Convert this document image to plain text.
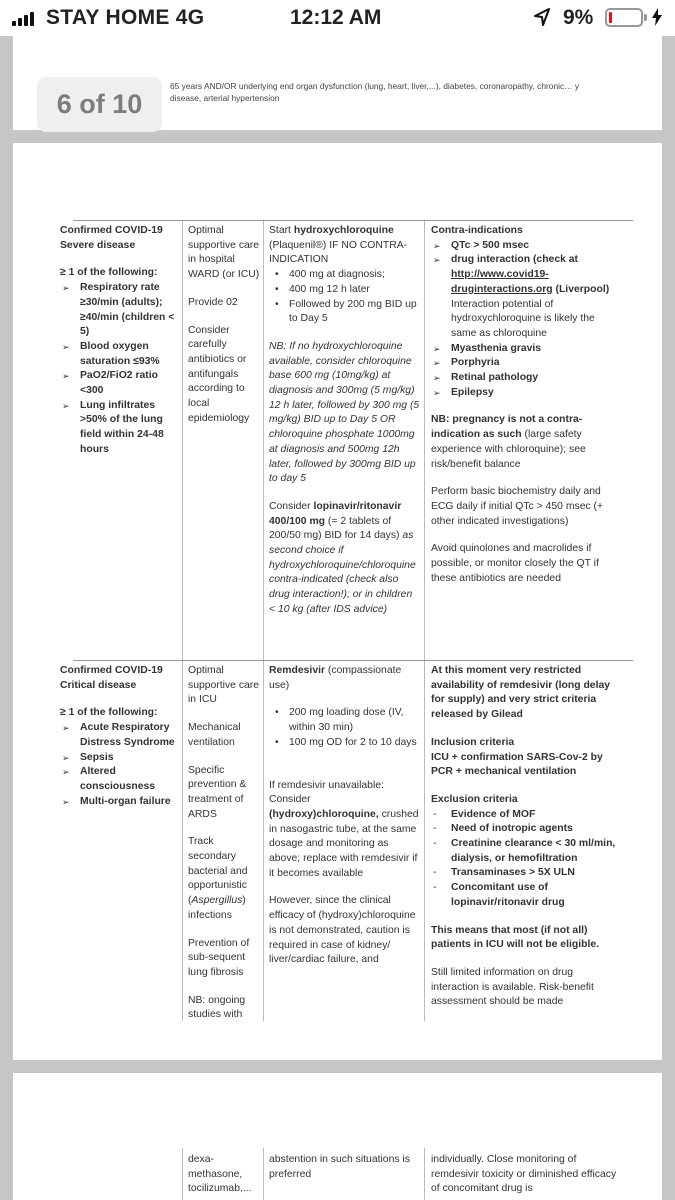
STAY HOME 4G	12:12 AM	9%
65 years AND/OR underlying end organ dysfunction (lung, heart, liver,...), diabetes, coronaropathy, chronic… y disease, arterial hypertension
Confirmed COVID-19 Severe disease
≥ 1 of the following:
➢ Respiratory rate ≥30/min (adults); ≥40/min (children < 5)
➢ Blood oxygen saturation ≤93%
➢ PaO2/FiO2 ratio <300
➢ Lung infiltrates >50% of the lung field within 24-48 hours
Optimal supportive care in hospital WARD (or ICU)
Provide 02
Consider carefully antibiotics or antifungals according to local epidemiology
Start hydroxychloroquine (Plaquenil®) IF NO CONTRA-INDICATION
• 400 mg at diagnosis;
• 400 mg 12 h later
• Followed by 200 mg BID up to Day 5
NB: If no hydroxychloroquine available, consider chloroquine base 600 mg (10mg/kg) at diagnosis and 300mg (5 mg/kg) 12 h later, followed by 300 mg (5 mg/kg) BID up to Day 5 OR chloroquine phosphate 1000mg at diagnosis and 500mg 12h later, followed by 300mg BID up to day 5
Consider lopinavir/ritonavir 400/100 mg (= 2 tablets of 200/50 mg) BID for 14 days) as second choice if hydroxychloroquine/chloroquine contra-indicated (check also drug interaction!); or in children < 10 kg (after IDS advice)
Contra-indications
➢ QTc > 500 msec
➢ drug interaction (check at http://www.covid19-druginteractions.org (Liverpool)
Interaction potential of hydroxychloroquine is likely the same as chloroquine
➢ Myasthenia gravis
➢ Porphyria
➢ Retinal pathology
➢ Epilepsy
NB: pregnancy is not a contra-indication as such (large safety experience with chloroquine); see risk/benefit balance
Perform basic biochemistry daily and ECG daily if initial QTc > 450 msec (+ other indicated investigations)
Avoid quinolones and macrolides if possible, or monitor closely the QT if these antibiotics are needed
Confirmed COVID-19 Critical disease
≥ 1 of the following:
➢ Acute Respiratory Distress Syndrome
➢ Sepsis
➢ Altered consciousness
➢ Multi-organ failure
Optimal supportive care in ICU
Mechanical ventilation
Specific prevention & treatment of ARDS
Track secondary bacterial and opportunistic (Aspergillus) infections
Prevention of sub-sequent lung fibrosis
NB: ongoing studies with
Remdesivir (compassionate use)
• 200 mg loading dose (IV, within 30 min)
• 100 mg OD for 2 to 10 days
If remdesivir unavailable: Consider
(hydroxy)chloroquine, crushed in nasogastric tube, at the same dosage and monitoring as above; replace with remdesivir if it becomes available
However, since the clinical efficacy of (hydroxy)chloroquine is not demonstrated, caution is required in case of kidney/ liver/cardiac failure, and
At this moment very restricted availability of remdesivir (long delay for supply) and very strict criteria released by Gilead
Inclusion criteria
ICU + confirmation SARS-Cov-2 by PCR + mechanical ventilation
Exclusion criteria
- Evidence of MOF
- Need of inotropic agents
- Creatinine clearance < 30 ml/min, dialysis, or hemofiltration
- Transaminases > 5X ULN
- Concomitant use of lopinavir/ritonavir drug
This means that most (if not all) patients in ICU will not be eligible.
Still limited information on drug interaction is available. Risk-benefit assessment should be made
dexa- methasone, tocilizumab,...
abstention in such situations is preferred
individually. Close monitoring of remdesivir toxicity or diminished efficacy of concomitant drug is
6 of 10
